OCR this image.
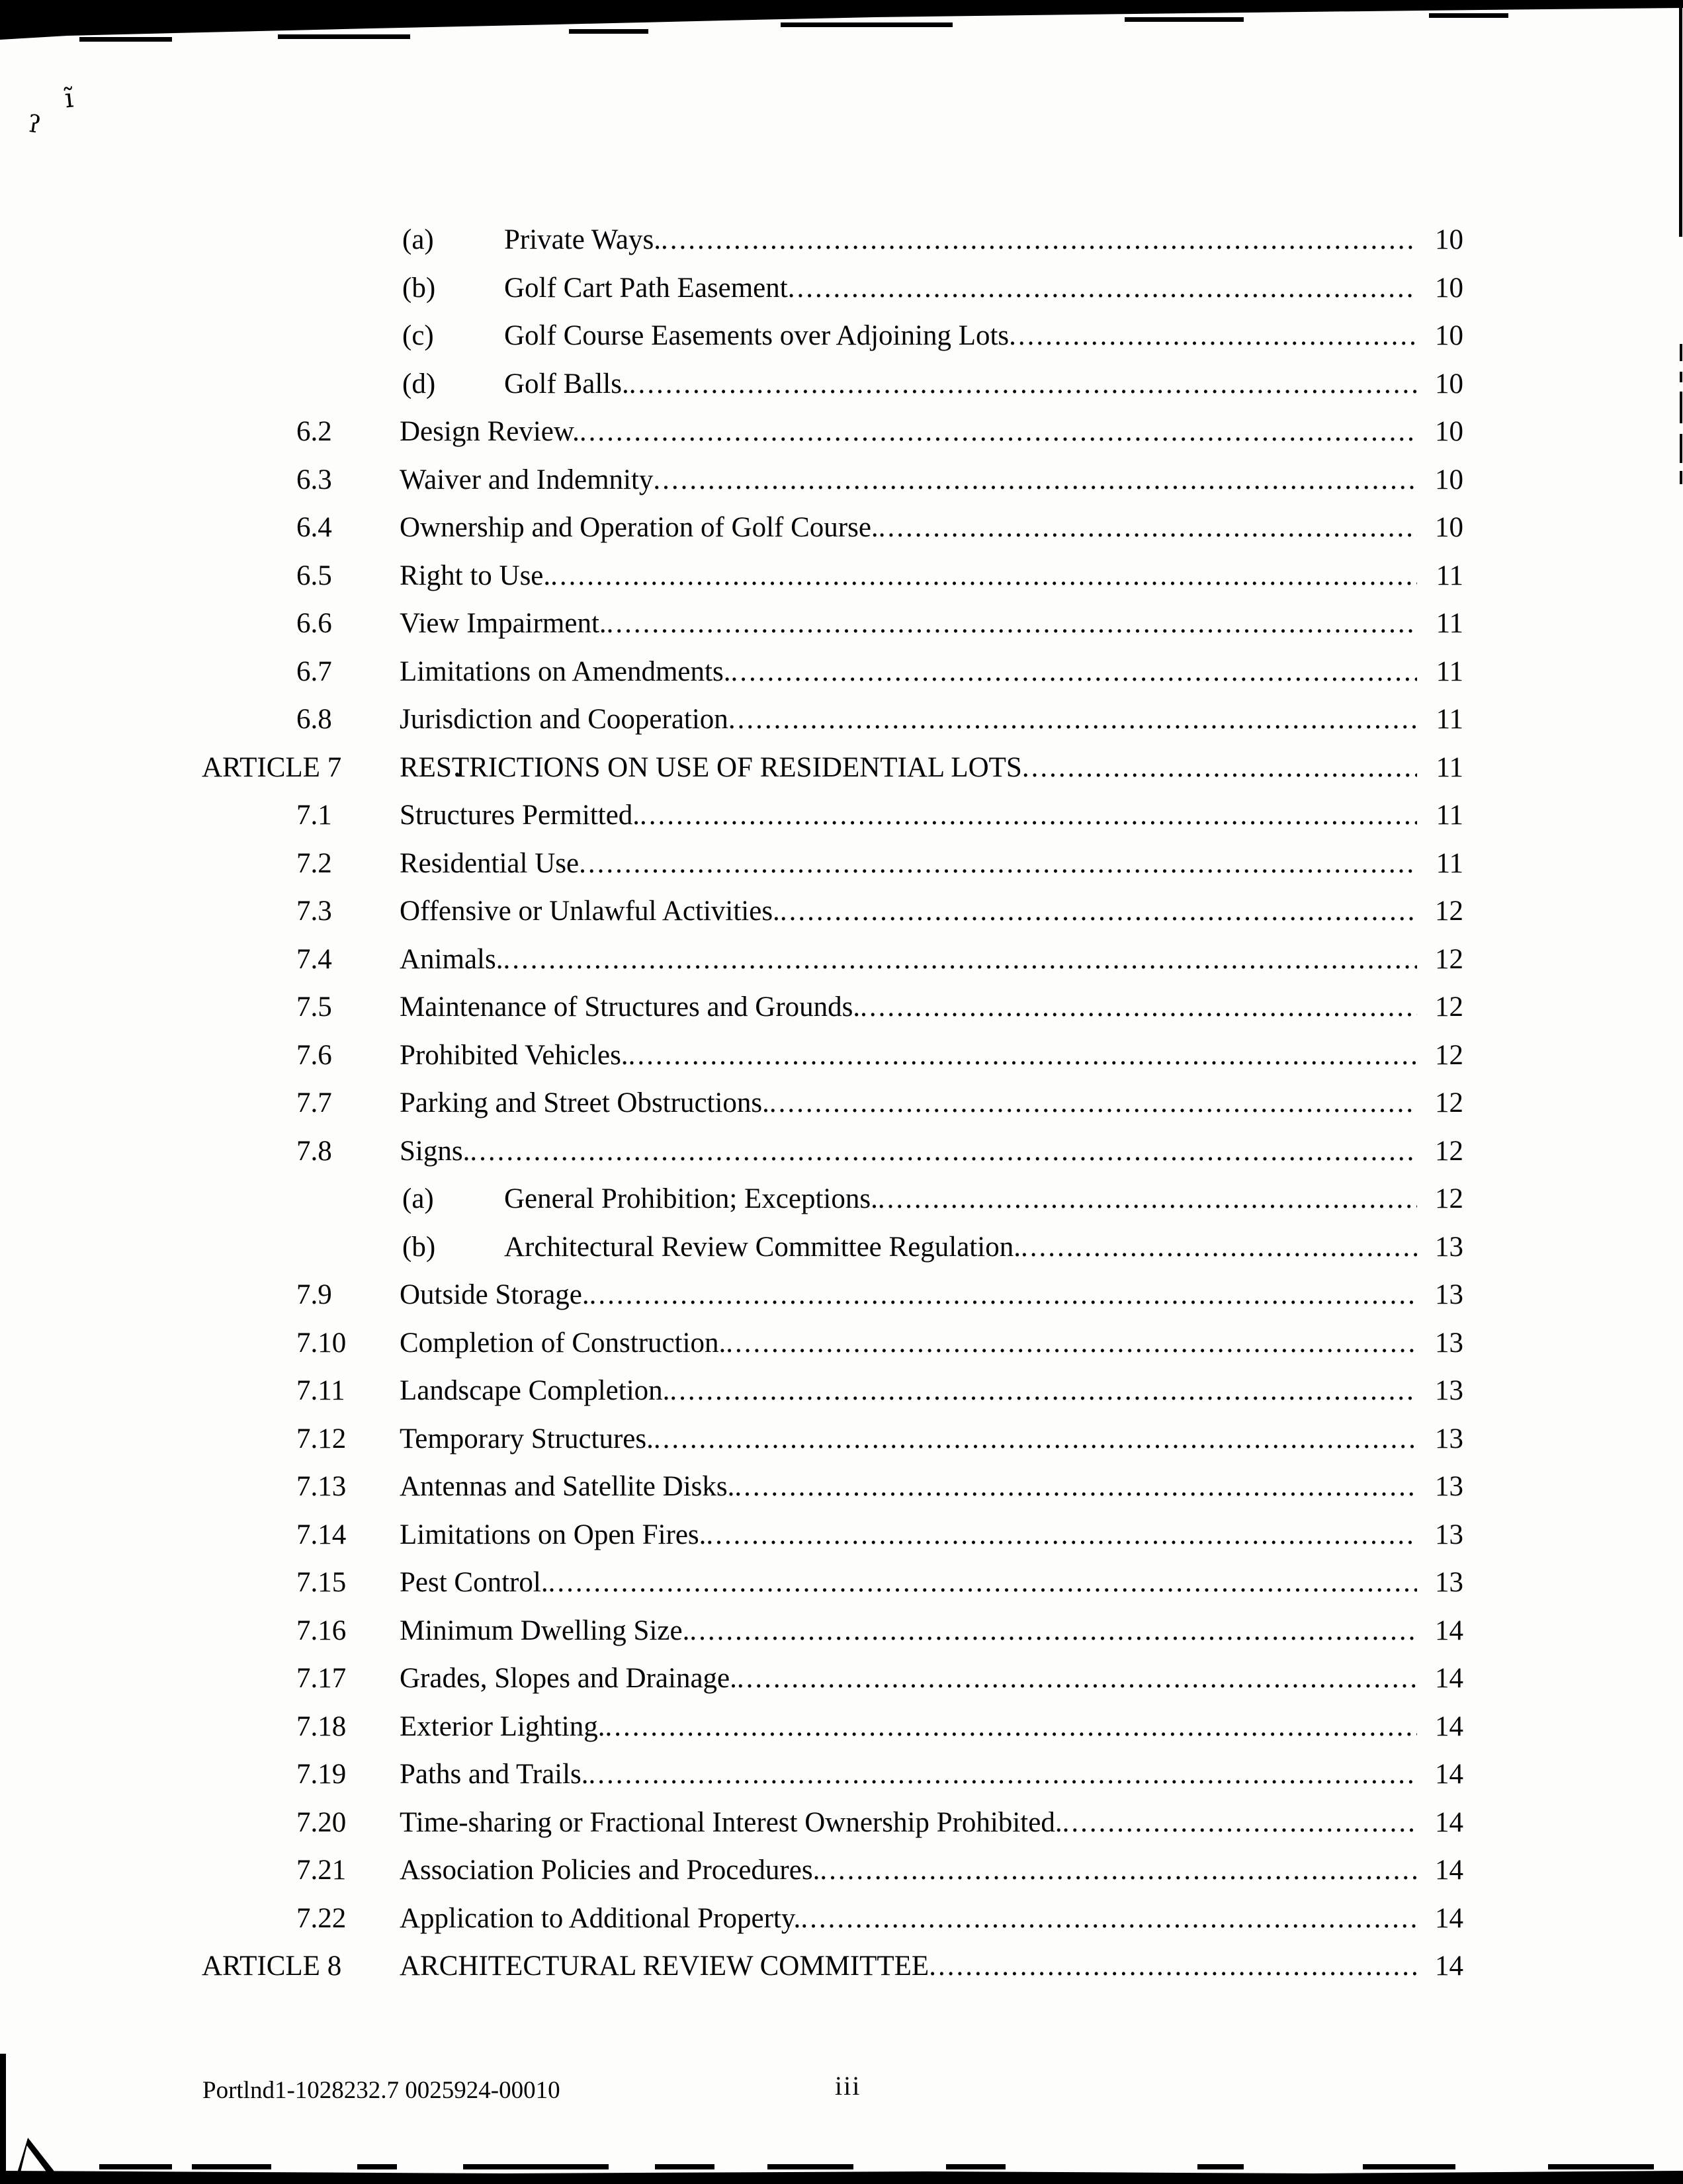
ĩ
ʔ
(a) Private Ways. .....	10
(b) Golf Cart Path Easement .....	10
(c) Golf Course Easements over Adjoining Lots .....	10
(d) Golf Balls. .....	10
6.2 Design Review. .....	10
6.3 Waiver and Indemnity .....	10
6.4 Ownership and Operation of Golf Course. .....	10
6.5 Right to Use. .....	11
6.6 View Impairment. .....	11
6.7 Limitations on Amendments. .....	11
6.8 Jurisdiction and Cooperation .....	11
ARTICLE 7 RESTRICTIONS ON USE OF RESIDENTIAL LOTS .....	11
7.1 Structures Permitted. .....	11
7.2 Residential Use .....	11
7.3 Offensive or Unlawful Activities. .....	12
7.4 Animals. .....	12
7.5 Maintenance of Structures and Grounds. .....	12
7.6 Prohibited Vehicles. .....	12
7.7 Parking and Street Obstructions. .....	12
7.8 Signs. .....	12
(a) General Prohibition; Exceptions. .....	12
(b) Architectural Review Committee Regulation. .....	13
7.9 Outside Storage. .....	13
7.10 Completion of Construction. .....	13
7.11 Landscape Completion. .....	13
7.12 Temporary Structures. .....	13
7.13 Antennas and Satellite Disks. .....	13
7.14 Limitations on Open Fires. .....	13
7.15 Pest Control. .....	13
7.16 Minimum Dwelling Size. .....	14
7.17 Grades, Slopes and Drainage. .....	14
7.18 Exterior Lighting. .....	14
7.19 Paths and Trails. .....	14
7.20 Time-sharing or Fractional Interest Ownership Prohibited. .....	14
7.21 Association Policies and Procedures. .....	14
7.22 Application to Additional Property. .....	14
ARTICLE 8 ARCHITECTURAL REVIEW COMMITTEE .....	14
Portlnd1-1028232.7 0025924-00010	iii
